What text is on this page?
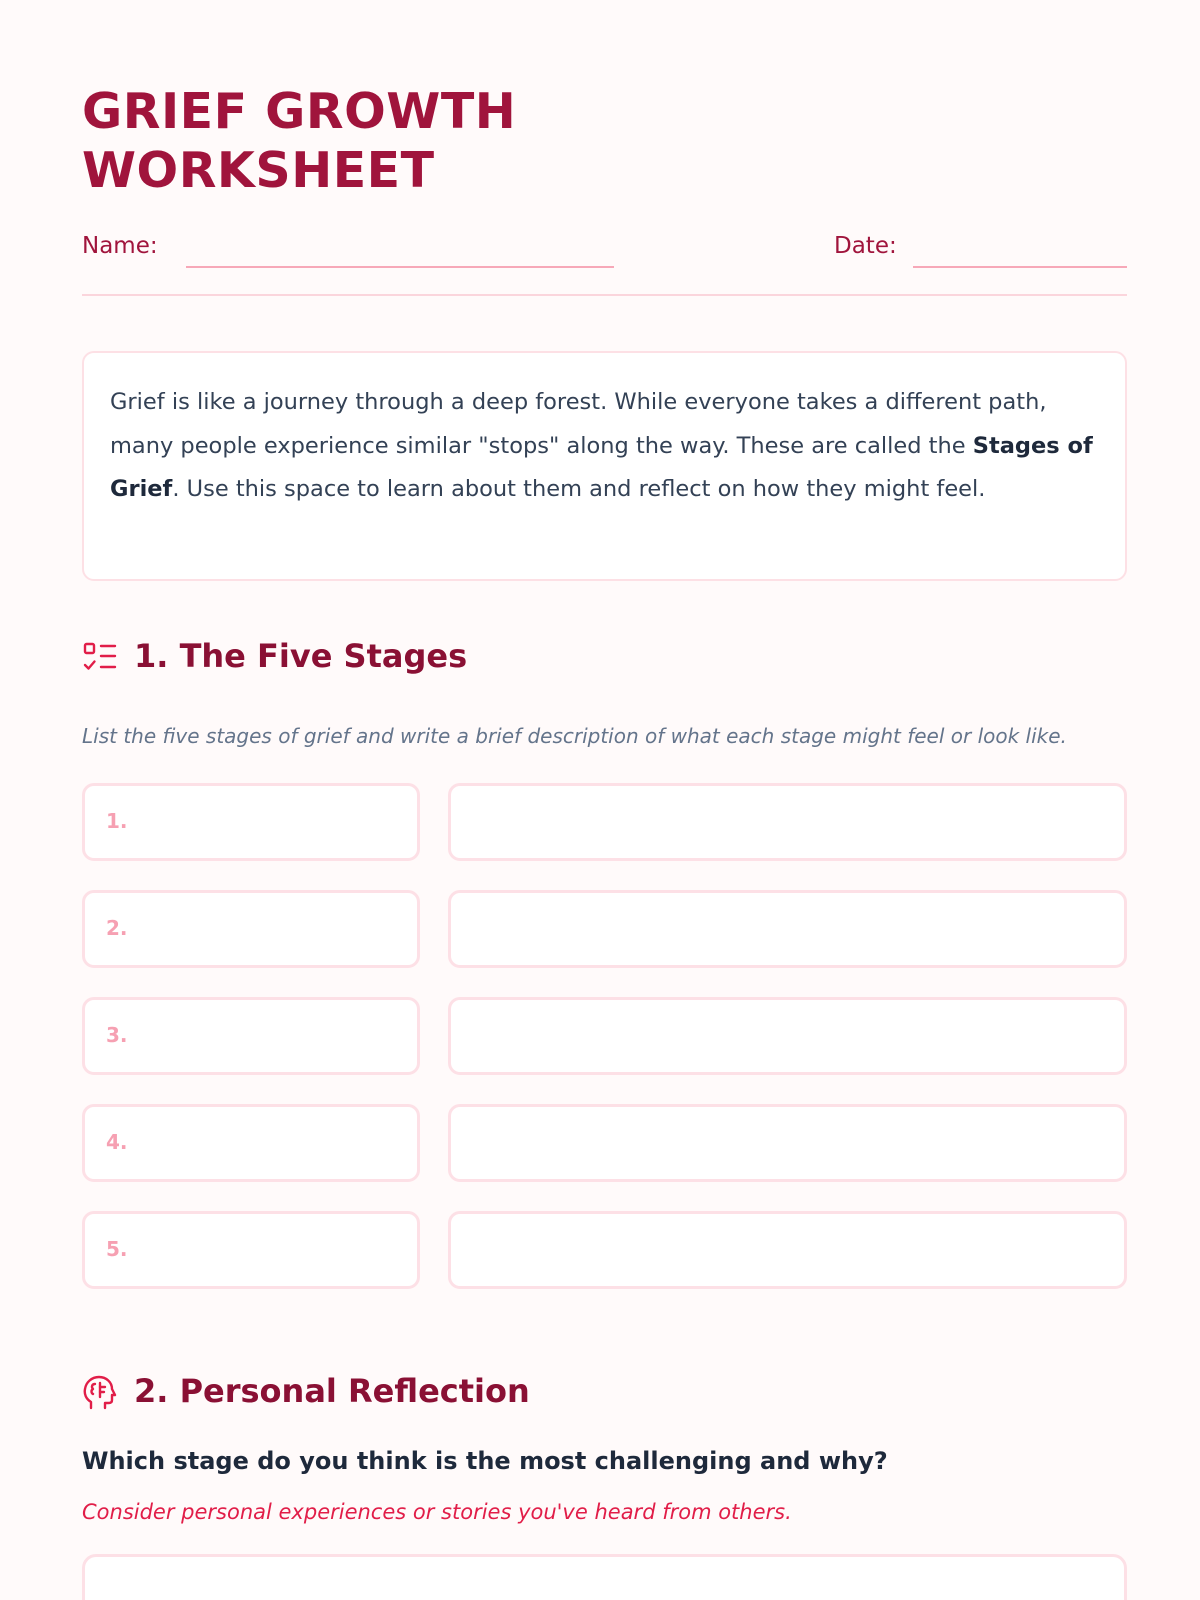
GRIEF GROWTH
WORKSHEET
Name:	Date:
Grief is like a journey through a deep forest. While everyone takes a different path, many people experience similar "stops" along the way. These are called the Stages of Grief. Use this space to learn about them and reflect on how they might feel.
1. The Five Stages

List the five stages of grief and write a brief description of what each stage might feel or look like.

1.
2.
3.
4.
5.
2. Personal Reflection

Which stage do you think is the most challenging and why?

Consider personal experiences or stories you've heard from others.
